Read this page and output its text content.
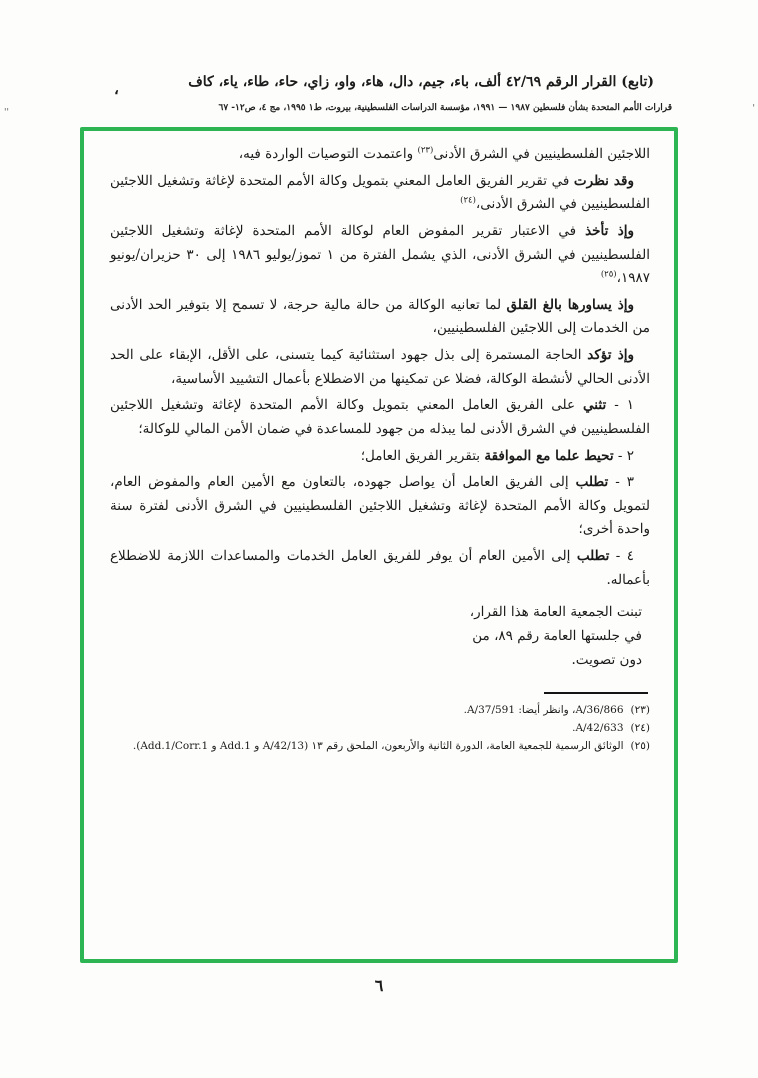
(تابع) القرار الرقم ٤٢/٦٩ ألف، باء، جيم، دال، هاء، واو، زاي، حاء، طاء، ياء، كاف
،
قرارات الأمم المتحدة بشأن فلسطين ١٩٨٧ — ١٩٩١، مؤسسة الدراسات الفلسطينية، بيروت، ط١ ١٩٩٥، مج ٤، ص١٢- ٦٧
''	'

اللاجئين الفلسطينيين في الشرق الأدنى$^{(٢٣)}$ واعتمدت التوصيات الواردة فيه،

وقد نظرت في تقرير الفريق العامل المعني بتمويل وكالة الأمم المتحدة لإغاثة وتشغيل اللاجئين الفلسطينيين في الشرق الأدنى،$^{(٢٤)}$

وإذ تأخذ في الاعتبار تقرير المفوض العام لوكالة الأمم المتحدة لإغاثة وتشغيل اللاجئين الفلسطينيين في الشرق الأدنى، الذي يشمل الفترة من ١ تموز/يوليو ١٩٨٦ إلى ٣٠ حزيران/يونيو ١٩٨٧،$^{(٢٥)}$

وإذ يساورها بالغ القلق لما تعانيه الوكالة من حالة مالية حرجة، لا تسمح إلا بتوفير الحد الأدنى من الخدمات إلى اللاجئين الفلسطينيين،

وإذ تؤكد الحاجة المستمرة إلى بذل جهود استثنائية كيما يتسنى، على الأقل، الإبقاء على الحد الأدنى الحالي لأنشطة الوكالة، فضلا عن تمكينها من الاضطلاع بأعمال التشييد الأساسية،

١ - تثني على الفريق العامل المعني بتمويل وكالة الأمم المتحدة لإغاثة وتشغيل اللاجئين الفلسطينيين في الشرق الأدنى لما يبذله من جهود للمساعدة في ضمان الأمن المالي للوكالة؛

٢ - تحيط علما مع الموافقة بتقرير الفريق العامل؛

٣ - تطلب إلى الفريق العامل أن يواصل جهوده، بالتعاون مع الأمين العام والمفوض العام، لتمويل وكالة الأمم المتحدة لإغاثة وتشغيل اللاجئين الفلسطينيين في الشرق الأدنى لفترة سنة واحدة أخرى؛

٤ - تطلب إلى الأمين العام أن يوفر للفريق العامل الخدمات والمساعدات اللازمة للاضطلاع بأعماله.

تبنت الجمعية العامة هذا القرار،
في جلستها العامة رقم ٨٩، من
دون تصويت.
(٢٣)
A/36/866، وانظر أيضا: A/37/591.
(٢٤)
A/42/633.
(٢٥)
الوثائق الرسمية للجمعية العامة، الدورة الثانية والأربعون، الملحق رقم ١٣ (A/42/13 و Add.1 و Add.1/Corr.1).
٦
